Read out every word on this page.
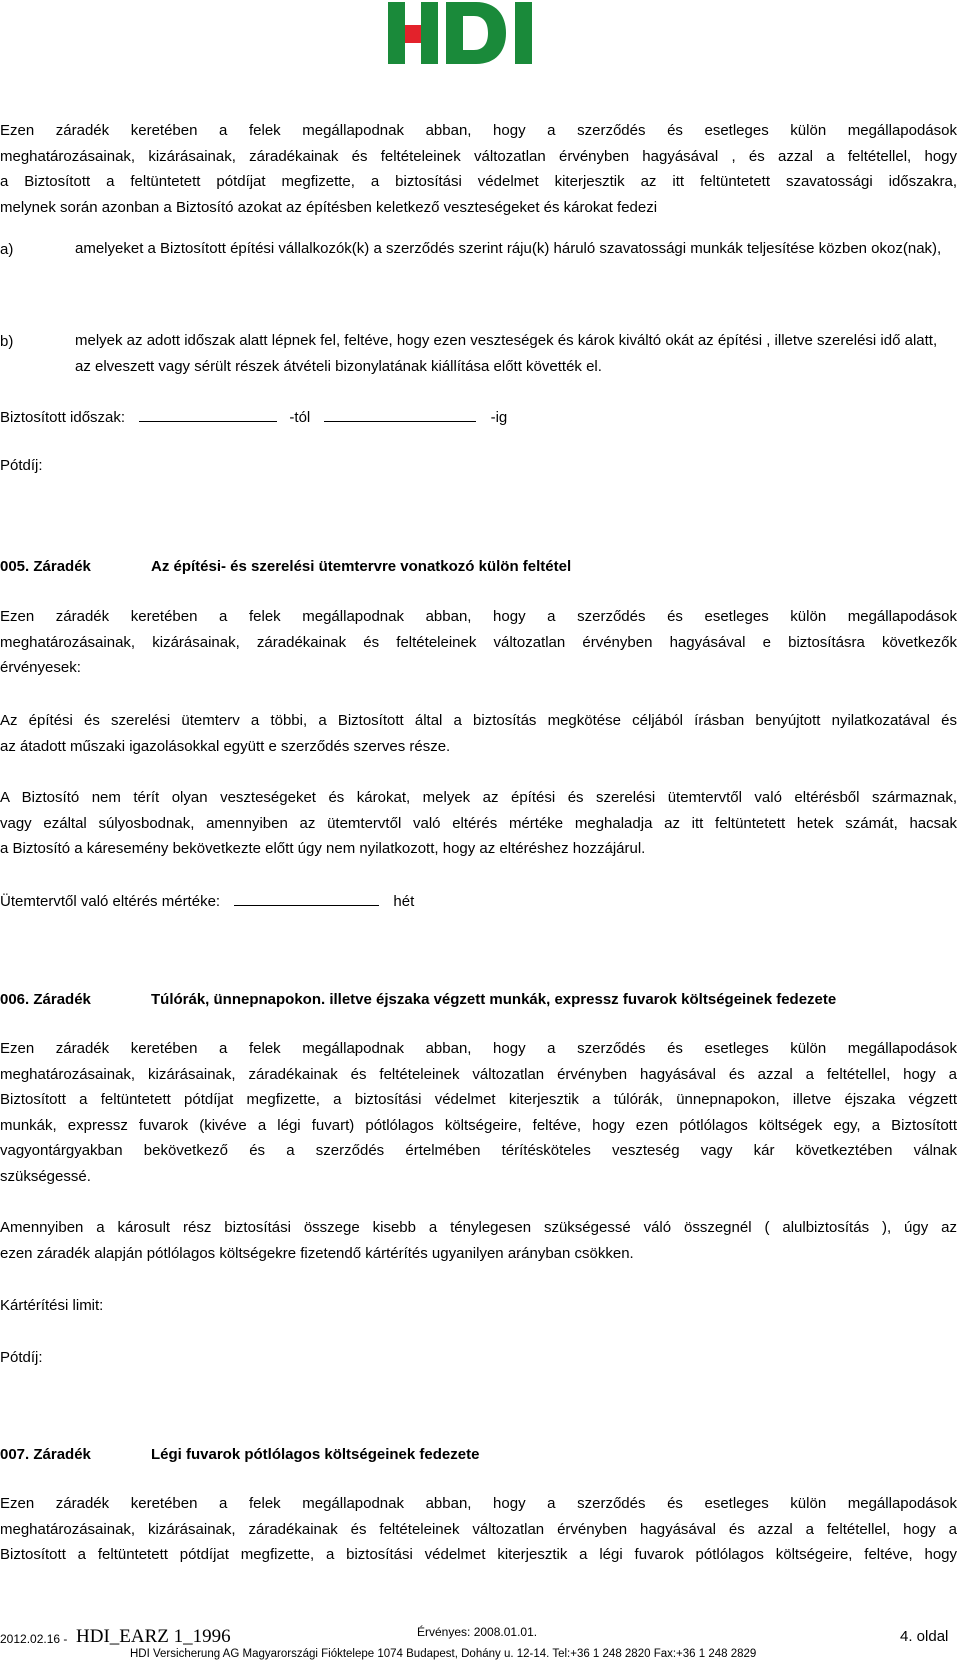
Ezen záradék keretében a felek megállapodnak abban, hogy a szerződés és esetleges külön megállapodások
meghatározásainak, kizárásainak, záradékainak és feltételeinek változatlan érvényben hagyásával , és azzal a feltétellel, hogy
a Biztosított a feltüntetett pótdíjat megfizette, a biztosítási védelmet kiterjesztik az itt feltüntetett szavatossági időszakra,
melynek során azonban a Biztosító azokat az építésben keletkező veszteségeket és károkat fedezi
a)	amelyeket a Biztosított építési vállalkozók(k) a szerződés szerint ráju(k) háruló szavatossági munkák teljesítése közben okoz(nak),
b)	melyek az adott időszak alatt lépnek fel, feltéve, hogy ezen veszteségek és károk kiváltó okát az építési , illetve szerelési idő alatt, az elveszett vagy sérült részek átvételi bizonylatának kiállítása előtt követték el.
Biztosított időszak:	-tól	-ig
Pótdíj:
005. Záradék	Az építési- és szerelési ütemtervre vonatkozó külön feltétel
Ezen záradék keretében a felek megállapodnak abban, hogy a szerződés és esetleges külön megállapodások
meghatározásainak, kizárásainak, záradékainak és feltételeinek változatlan érvényben hagyásával e biztosításra következők
érvényesek:
Az építési és szerelési ütemterv a többi, a Biztosított által a biztosítás megkötése céljából írásban benyújtott nyilatkozatával és
az átadott műszaki igazolásokkal együtt e szerződés szerves része.
A Biztosító nem térít olyan veszteségeket és károkat, melyek az építési és szerelési ütemtervtől való eltérésből származnak,
vagy ezáltal súlyosbodnak, amennyiben az ütemtervtől való eltérés mértéke meghaladja az itt feltüntetett hetek számát, hacsak
a Biztosító a káresemény bekövetkezte előtt úgy nem nyilatkozott, hogy az eltéréshez hozzájárul.
Ütemtervtől való eltérés mértéke:	hét
006. Záradék	Túlórák, ünnepnapokon. illetve éjszaka végzett munkák, expressz fuvarok költségeinek fedezete
Ezen záradék keretében a felek megállapodnak abban, hogy a szerződés és esetleges külön megállapodások
meghatározásainak, kizárásainak, záradékainak és feltételeinek változatlan érvényben hagyásával és azzal a feltétellel, hogy a
Biztosított a feltüntetett pótdíjat megfizette, a biztosítási védelmet kiterjesztik a túlórák, ünnepnapokon, illetve éjszaka végzett
munkák, expressz fuvarok (kivéve a légi fuvart) pótlólagos költségeire, feltéve, hogy ezen pótlólagos költségek egy, a Biztosított
vagyontárgyakban bekövetkező és a szerződés értelmében térítésköteles veszteség vagy kár következtében válnak
szükségessé.
Amennyiben a károsult rész biztosítási összege kisebb a ténylegesen szükségessé váló összegnél ( alulbiztosítás ), úgy az
ezen záradék alapján pótlólagos költségekre fizetendő kártérítés ugyanilyen arányban csökken.
Kártérítési limit:
Pótdíj:
007. Záradék	Légi fuvarok pótlólagos költségeinek fedezete
Ezen záradék keretében a felek megállapodnak abban, hogy a szerződés és esetleges külön megállapodások
meghatározásainak, kizárásainak, záradékainak és feltételeinek változatlan érvényben hagyásával és azzal a feltétellel, hogy a
Biztosított a feltüntetett pótdíjat megfizette, a biztosítási védelmet kiterjesztik a légi fuvarok pótlólagos költségeire, feltéve, hogy
2012.02.16 - HDI_EARZ 1_1996	Érvényes: 2008.01.01.	4. oldal
HDI Versicherung AG Magyarországi Fióktelepe 1074 Budapest, Dohány u. 12-14. Tel:+36 1 248 2820 Fax:+36 1 248 2829
